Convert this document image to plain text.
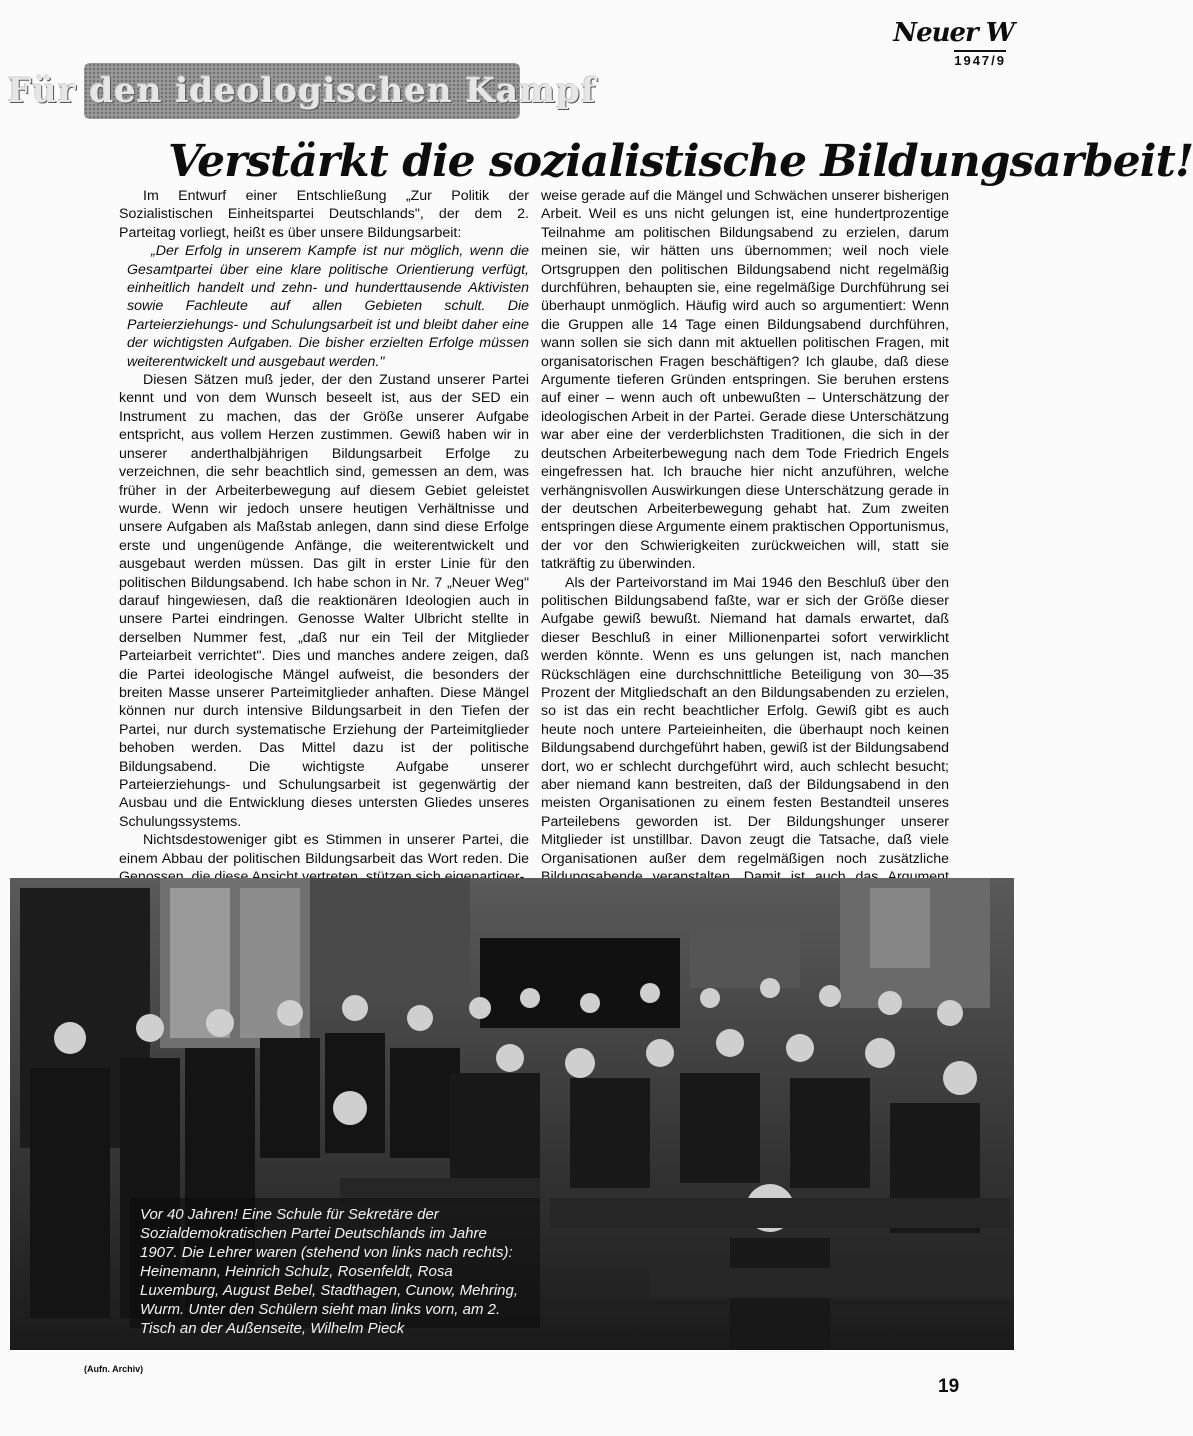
Neuer W
1947/9
Für den ideologischen Kampf
Verstärkt die sozialistische Bildungsarbeit!

Im Entwurf einer Entschließung „Zur Politik der Sozialistischen Einheitspartei Deutschlands", der dem 2. Parteitag vorliegt, heißt es über unsere Bildungsarbeit:

„Der Erfolg in unserem Kampfe ist nur möglich, wenn die Gesamtpartei über eine klare politische Orientierung verfügt, einheitlich handelt und zehn- und hunderttausende Aktivisten sowie Fachleute auf allen Gebieten schult. Die Parteierziehungs- und Schulungsarbeit ist und bleibt daher eine der wichtigsten Aufgaben. Die bisher erzielten Erfolge müssen weiterentwickelt und ausgebaut werden."

Diesen Sätzen muß jeder, der den Zustand unserer Partei kennt und von dem Wunsch beseelt ist, aus der SED ein Instrument zu machen, das der Größe unserer Aufgabe entspricht, aus vollem Herzen zustimmen. Gewiß haben wir in unserer anderthalbjährigen Bildungsarbeit Erfolge zu verzeichnen, die sehr beachtlich sind, gemessen an dem, was früher in der Arbeiterbewegung auf diesem Gebiet geleistet wurde. Wenn wir jedoch unsere heutigen Verhältnisse und unsere Aufgaben als Maßstab anlegen, dann sind diese Erfolge erste und ungenügende Anfänge, die weiterentwickelt und ausgebaut werden müssen. Das gilt in erster Linie für den politischen Bildungsabend. Ich habe schon in Nr. 7 „Neuer Weg" darauf hingewiesen, daß die reaktionären Ideologien auch in unsere Partei eindringen. Genosse Walter Ulbricht stellte in derselben Nummer fest, „daß nur ein Teil der Mitglieder Parteiarbeit verrichtet". Dies und manches andere zeigen, daß die Partei ideologische Mängel aufweist, die besonders der breiten Masse unserer Parteimitglieder anhaften. Diese Mängel können nur durch intensive Bildungsarbeit in den Tiefen der Partei, nur durch systematische Erziehung der Parteimitglieder behoben werden. Das Mittel dazu ist der politische Bildungsabend. Die wichtigste Aufgabe unserer Parteierziehungs- und Schulungsarbeit ist gegenwärtig der Ausbau und die Entwicklung dieses untersten Gliedes unseres Schulungssystems.

Nichtsdestoweniger gibt es Stimmen in unserer Partei, die einem Abbau der politischen Bildungsarbeit das Wort reden. Die

weise gerade auf die Mängel und Schwächen unserer bisherigen Arbeit. Weil es uns nicht gelungen ist, eine hundertprozentige Teilnahme am politischen Bildungsabend zu erzielen, darum meinen sie, wir hätten uns übernommen; weil noch viele Ortsgruppen den politischen Bildungsabend nicht regelmäßig durchführen, behaupten sie, eine regelmäßige Durchführung sei überhaupt unmöglich. Häufig wird auch so argumentiert: Wenn die Gruppen alle 14 Tage einen Bildungsabend durchführen, wann sollen sie sich dann mit aktuellen politischen Fragen, mit organisatorischen Fragen beschäftigen? Ich glaube, daß diese Argumente tieferen Gründen entspringen. Sie beruhen erstens auf einer – wenn auch oft unbewußten – Unterschätzung der ideologischen Arbeit in der Partei. Gerade diese Unterschätzung war aber eine der verderblichsten Traditionen, die sich in der deutschen Arbeiterbewegung nach dem Tode Friedrich Engels eingefressen hat. Ich brauche hier nicht anzuführen, welche verhängnisvollen Auswirkungen diese Unterschätzung gerade in der deutschen Arbeiterbewegung gehabt hat. Zum zweiten entspringen diese Argumente einem praktischen Opportunismus, der vor den Schwierigkeiten zurückweichen will, statt sie tatkräftig zu überwinden.

Als der Parteivorstand im Mai 1946 den Beschluß über den politischen Bildungsabend faßte, war er sich der Größe dieser Aufgabe gewiß bewußt. Niemand hat damals erwartet, daß dieser Beschluß in einer Millionenpartei sofort verwirklicht werden könnte. Wenn es uns gelungen ist, nach manchen Rückschlägen eine durchschnittliche Beteiligung von 30—35 Prozent der Mitgliedschaft an den Bildungsabenden zu erzielen, so ist das ein recht beachtlicher Erfolg. Gewiß gibt es auch heute noch untere Parteieinheiten, die überhaupt noch keinen Bildungsabend durchgeführt haben, gewiß ist der Bildungsabend dort, wo er schlecht durchgeführt wird, auch schlecht besucht; aber niemand kann bestreiten, daß der Bildungsabend in den meisten Organisationen zu einem festen Bestandteil unseres Parteilebens geworden ist. Der Bildungshunger unserer Mitglieder ist unstillbar. Davon zeugt die Tatsache, daß viele Organisationen außer dem regelmäßigen noch zusätzliche

Vor 40 Jahren! Eine Schule für Sekretäre der Sozialdemokratischen Partei Deutschlands im Jahre 1907. Die Lehrer waren (stehend von links nach rechts): Heinemann, Heinrich Schulz, Rosenfeldt, Rosa Luxemburg, August Bebel, Stadthagen, Cunow, Mehring, Wurm. Unter den Schülern sieht man links vorn, am 2. Tisch an der Außenseite, Wilhelm Pieck
(Aufn. Archiv)
19
